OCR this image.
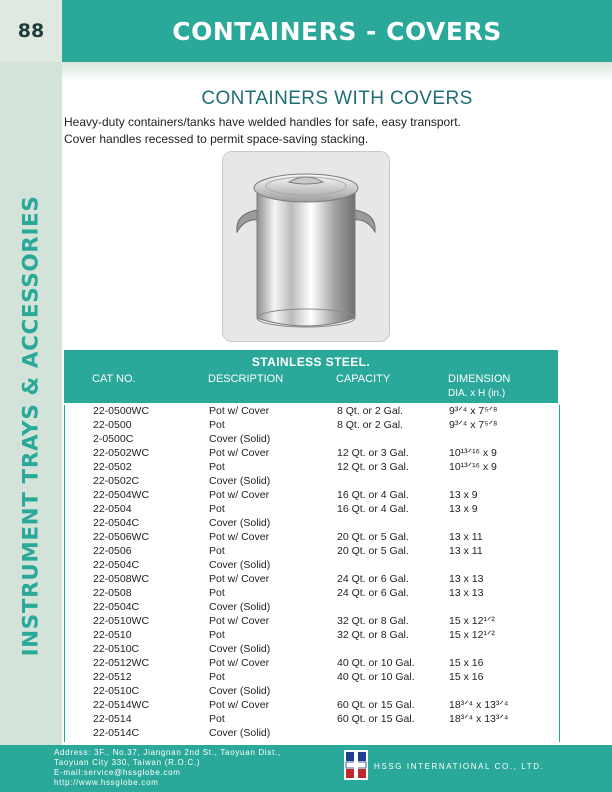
88	CONTAINERS - COVERS
INSTRUMENT TRAYS & ACCESSORIES
CONTAINERS WITH COVERS
Heavy-duty containers/tanks have welded handles for safe, easy transport.
Cover handles recessed to permit space-saving stacking.
STAINLESS STEEL.
CAT NO.	DESCRIPTION	CAPACITY	DIMENSION
DIA. x H (in.)
22-0500WC	Pot w/ Cover	8 Qt. or 2 Gal.	9³ᐟ⁴ x 7⁵ᐟ⁸
22-0500	Pot	8 Qt. or 2 Gal.	9³ᐟ⁴ x 7⁵ᐟ⁸
2-0500C	Cover (Solid)
22-0502WC	Pot w/ Cover	12 Qt. or 3 Gal.	10¹³ᐟ¹⁶ x 9
22-0502	Pot	12 Qt. or 3 Gal.	10¹³ᐟ¹⁶ x 9
22-0502C	Cover (Solid)
22-0504WC	Pot w/ Cover	16 Qt. or 4 Gal.	13 x 9
22-0504	Pot	16 Qt. or 4 Gal.	13 x 9
22-0504C	Cover (Solid)
22-0506WC	Pot w/ Cover	20 Qt. or 5 Gal.	13 x 11
22-0506	Pot	20 Qt. or 5 Gal.	13 x 11
22-0504C	Cover (Solid)
22-0508WC	Pot w/ Cover	24 Qt. or 6 Gal.	13 x 13
22-0508	Pot	24 Qt. or 6 Gal.	13 x 13
22-0504C	Cover (Solid)
22-0510WC	Pot w/ Cover	32 Qt. or 8 Gal.	15 x 12¹ᐟ²
22-0510	Pot	32 Qt. or 8 Gal.	15 x 12¹ᐟ²
22-0510C	Cover (Solid)
22-0512WC	Pot w/ Cover	40 Qt. or 10 Gal.	15 x 16
22-0512	Pot	40 Qt. or 10 Gal.	15 x 16
22-0510C	Cover (Solid)
22-0514WC	Pot w/ Cover	60 Qt. or 15 Gal.	18³ᐟ⁴ x 13³ᐟ⁴
22-0514	Pot	60 Qt. or 15 Gal.	18³ᐟ⁴ x 13³ᐟ⁴
22-0514C	Cover (Solid)
Address: 3F., No.37, Jiangnan 2nd St., Taoyuan Dist.,
Taoyuan City 330, Taiwan (R.O.C.)
E-mail:service@hssglobe.com
http://www.hssglobe.com
HSSG INTERNATIONAL CO., LTD.
